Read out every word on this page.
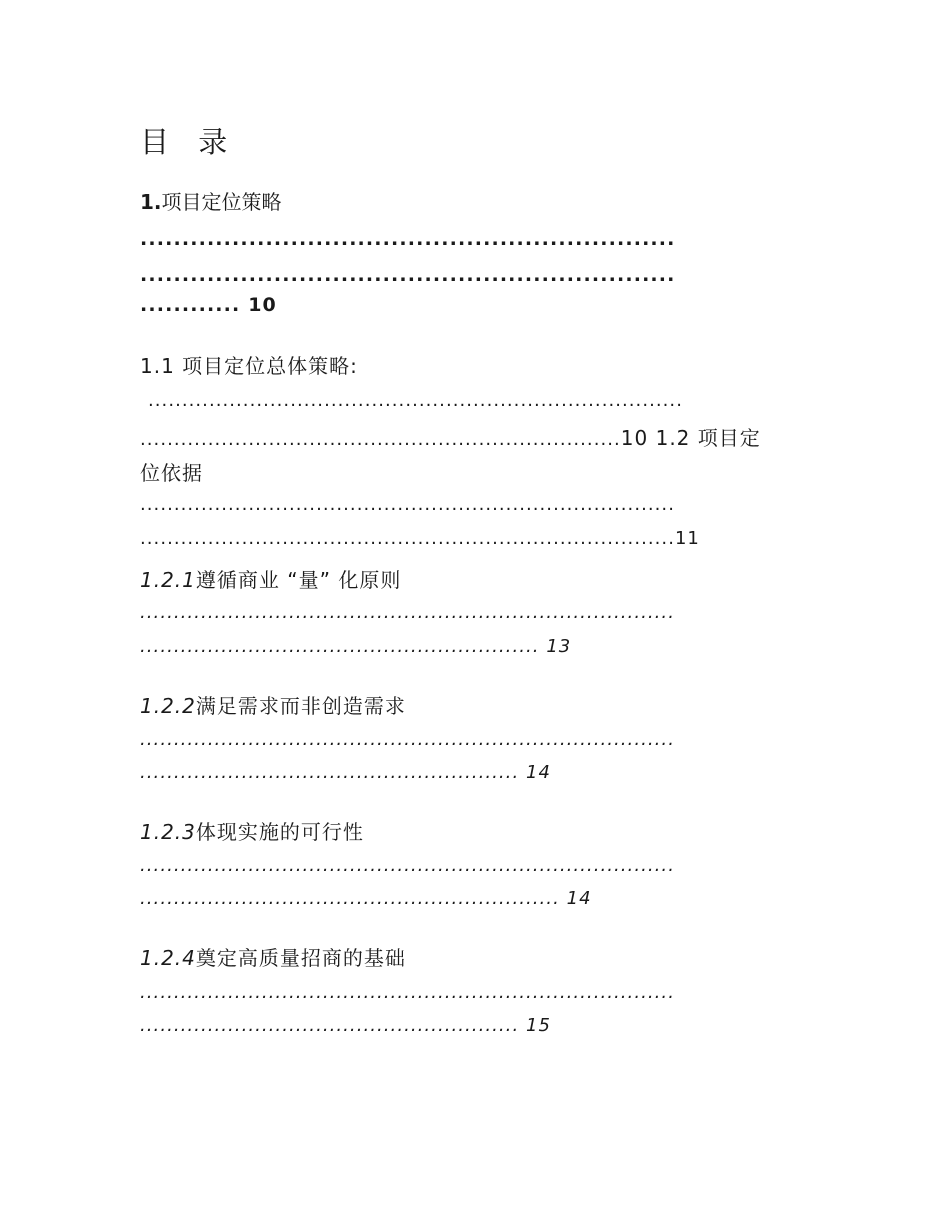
目 录
1.项目定位策略
................................................................
................................................................
............ 10
1.1 项目定位总体策略:
...............................................................................
.......................................................................10 1.2 项目定
位依据
...............................................................................
...............................................................................11
1.2.1遵循商业 “量” 化原则
...............................................................................
........................................................... 13
1.2.2满足需求而非创造需求
...............................................................................
........................................................ 14
1.2.3体现实施的可行性
...............................................................................
.............................................................. 14
1.2.4奠定高质量招商的基础
...............................................................................
........................................................ 15
